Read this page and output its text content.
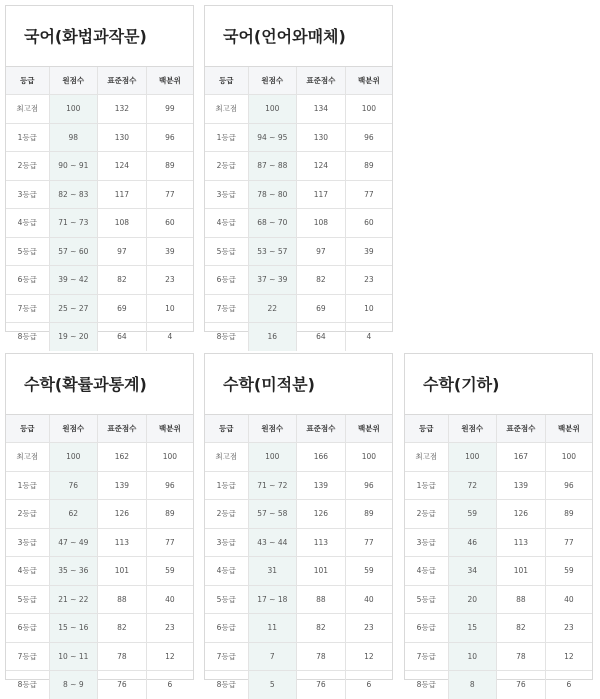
국어(화법과작문)
등급	원점수	표준점수	백분위
최고점	100	132	99
1등급	98	130	96
2등급	90 ~ 91	124	89
3등급	82 ~ 83	117	77
4등급	71 ~ 73	108	60
5등급	57 ~ 60	97	39
6등급	39 ~ 42	82	23
7등급	25 ~ 27	69	10
8등급	19 ~ 20	64	4
국어(언어와매체)
등급	원점수	표준점수	백분위
최고점	100	134	100
1등급	94 ~ 95	130	96
2등급	87 ~ 88	124	89
3등급	78 ~ 80	117	77
4등급	68 ~ 70	108	60
5등급	53 ~ 57	97	39
6등급	37 ~ 39	82	23
7등급	22	69	10
8등급	16	64	4
수학(확률과통계)
등급	원점수	표준점수	백분위
최고점	100	162	100
1등급	76	139	96
2등급	62	126	89
3등급	47 ~ 49	113	77
4등급	35 ~ 36	101	59
5등급	21 ~ 22	88	40
6등급	15 ~ 16	82	23
7등급	10 ~ 11	78	12
8등급	8 ~ 9	76	6
수학(미적분)
등급	원점수	표준점수	백분위
최고점	100	166	100
1등급	71 ~ 72	139	96
2등급	57 ~ 58	126	89
3등급	43 ~ 44	113	77
4등급	31	101	59
5등급	17 ~ 18	88	40
6등급	11	82	23
7등급	7	78	12
8등급	5	76	6
수학(기하)
등급	원점수	표준점수	백분위
최고점	100	167	100
1등급	72	139	96
2등급	59	126	89
3등급	46	113	77
4등급	34	101	59
5등급	20	88	40
6등급	15	82	23
7등급	10	78	12
8등급	8	76	6
